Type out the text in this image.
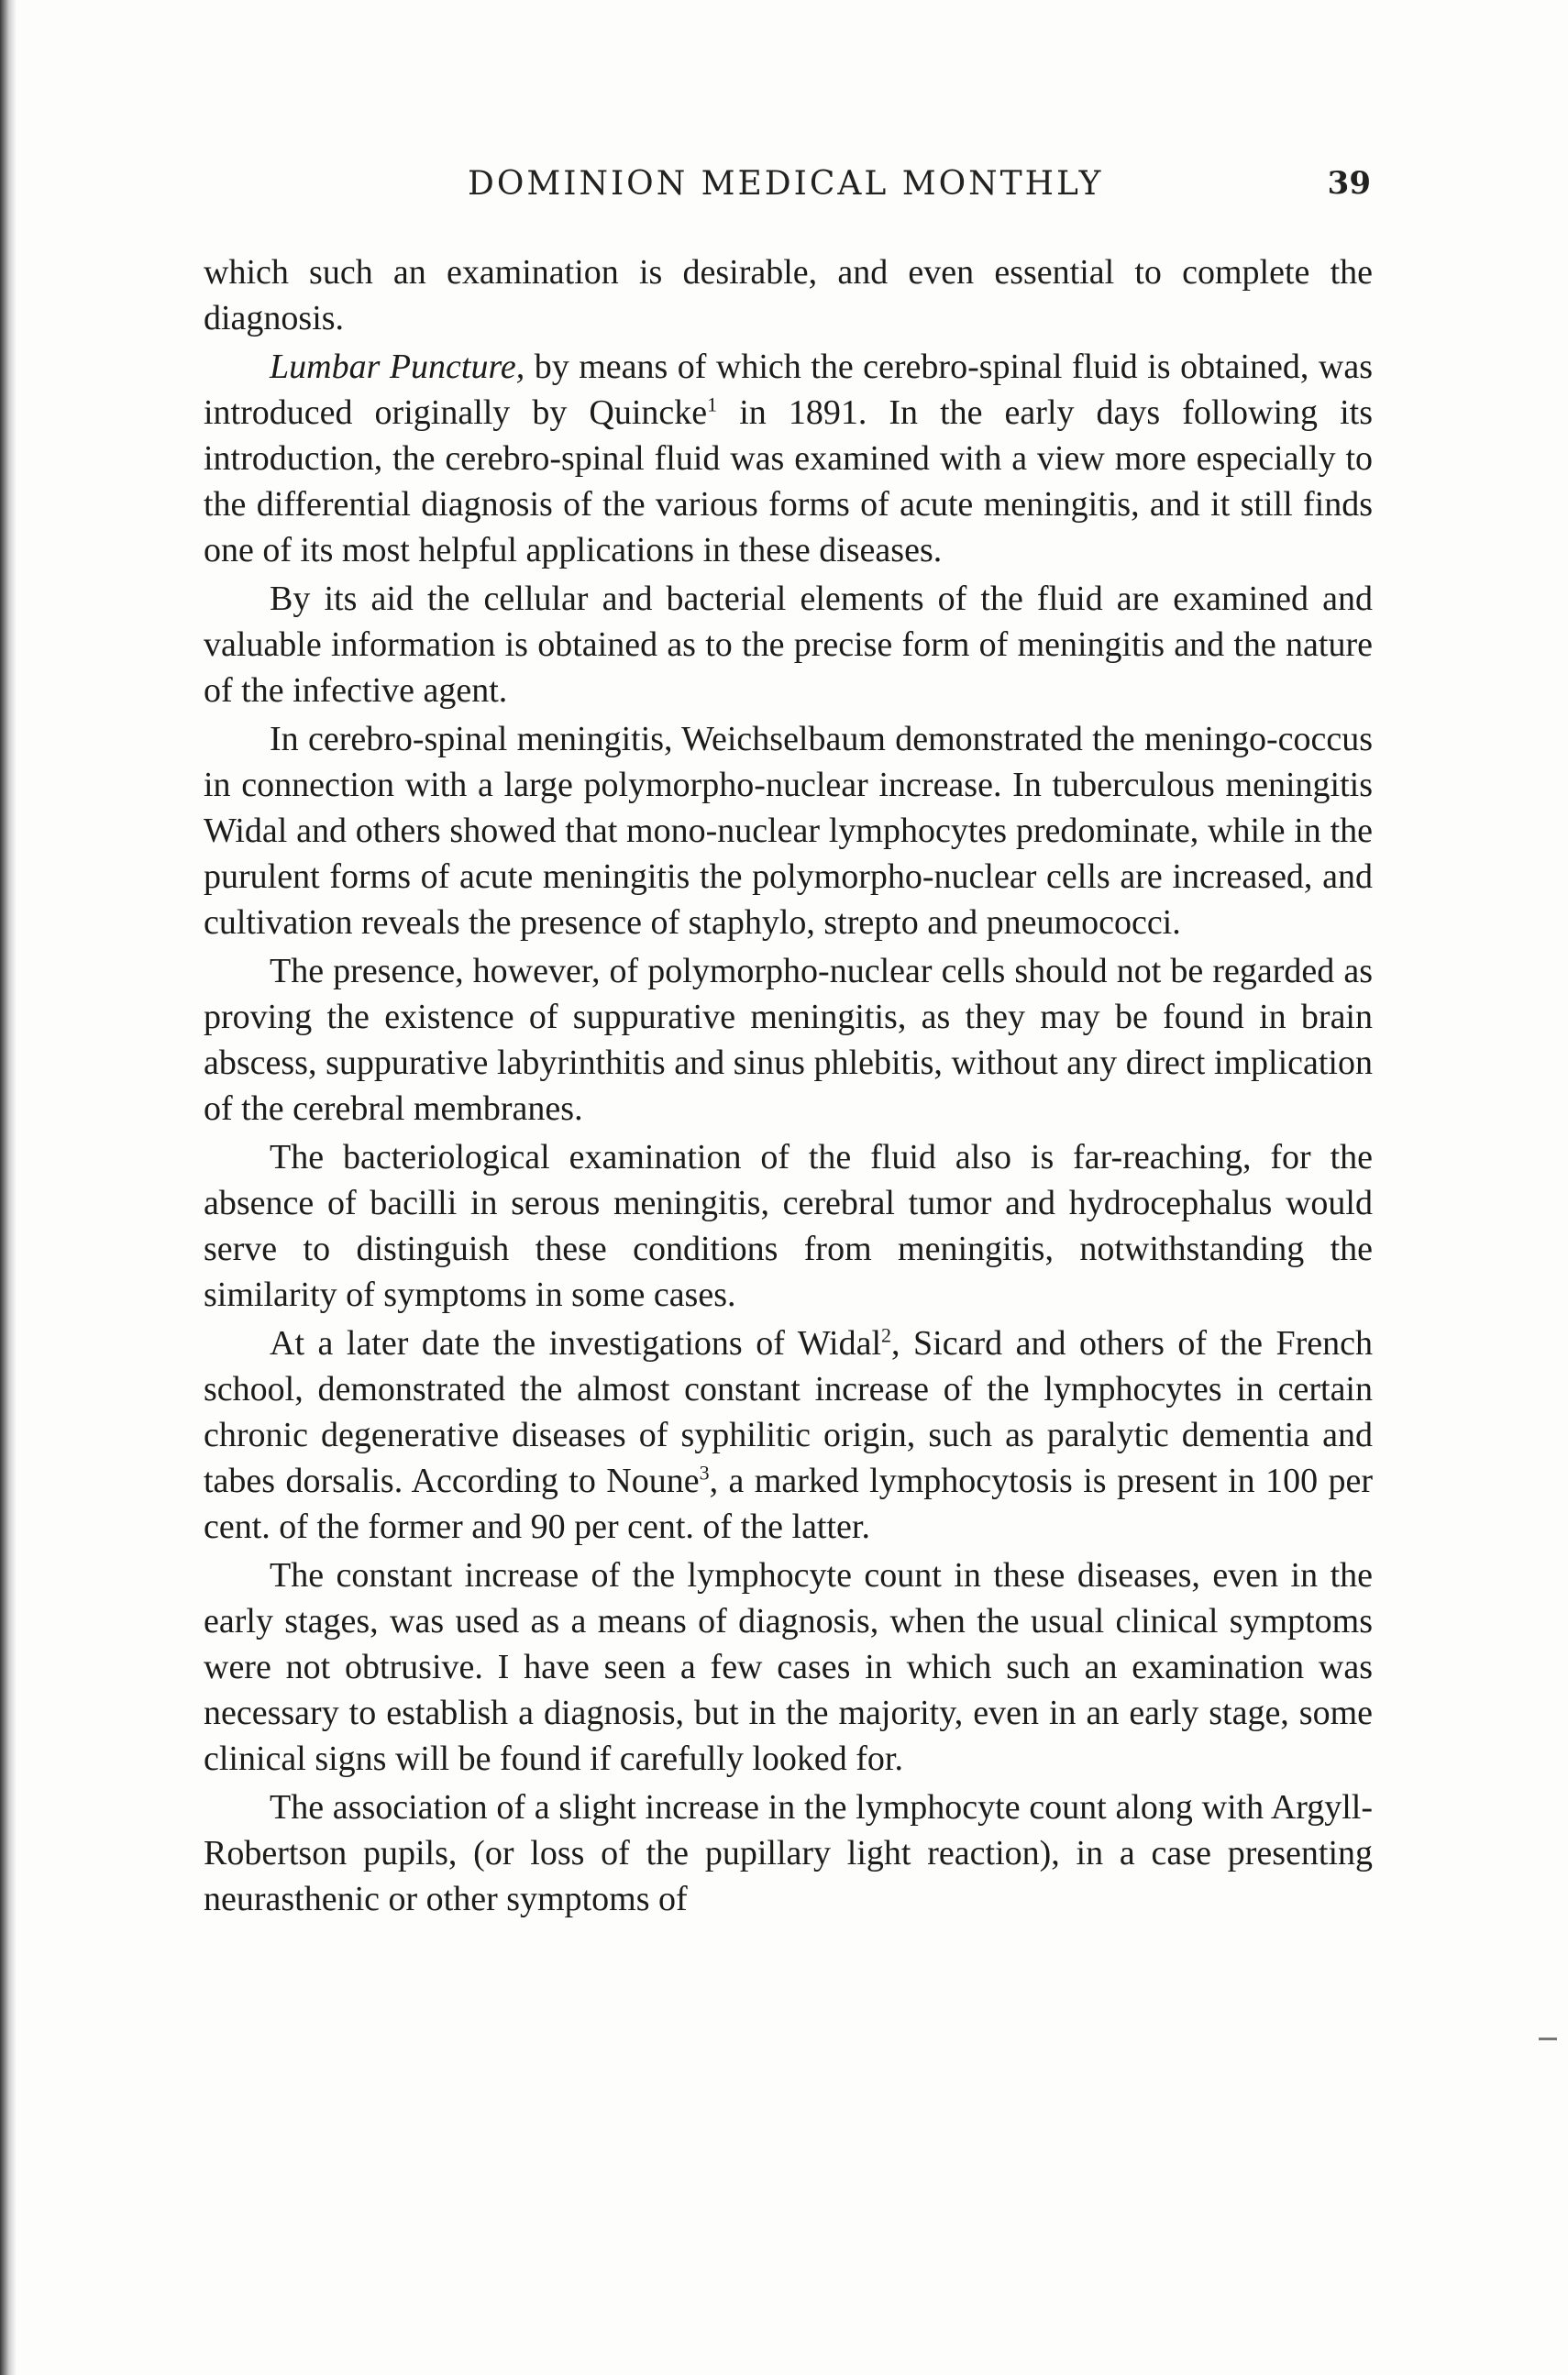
DOMINION MEDICAL MONTHLY	39

which such an examination is desirable, and even essential to complete the diagnosis.

Lumbar Puncture, by means of which the cerebro-spinal fluid is obtained, was introduced originally by Quincke$^1$ in 1891. In the early days following its introduction, the cerebro-spinal fluid was examined with a view more especially to the differential diagnosis of the various forms of acute meningitis, and it still finds one of its most helpful applications in these diseases.

By its aid the cellular and bacterial elements of the fluid are examined and valuable information is obtained as to the precise form of meningitis and the nature of the infective agent.

In cerebro-spinal meningitis, Weichselbaum demonstrated the meningo-coccus in connection with a large polymorpho-nuclear increase. In tuberculous meningitis Widal and others showed that mono-nuclear lymphocytes predominate, while in the purulent forms of acute meningitis the polymorpho-nuclear cells are increased, and cultivation reveals the presence of staphylo, strepto and pneumococci.

The presence, however, of polymorpho-nuclear cells should not be regarded as proving the existence of suppurative meningitis, as they may be found in brain abscess, suppurative labyrinthitis and sinus phlebitis, without any direct implication of the cerebral membranes.

The bacteriological examination of the fluid also is far-reaching, for the absence of bacilli in serous meningitis, cerebral tumor and hydrocephalus would serve to distinguish these conditions from meningitis, notwithstanding the similarity of symptoms in some cases.

At a later date the investigations of Widal$^2$, Sicard and others of the French school, demonstrated the almost constant increase of the lymphocytes in certain chronic degenerative diseases of syphilitic origin, such as paralytic dementia and tabes dorsalis. According to Noune$^3$, a marked lymphocytosis is present in 100 per cent. of the former and 90 per cent. of the latter.

The constant increase of the lymphocyte count in these diseases, even in the early stages, was used as a means of diagnosis, when the usual clinical symptoms were not obtrusive. I have seen a few cases in which such an examination was necessary to establish a diagnosis, but in the majority, even in an early stage, some clinical signs will be found if carefully looked for.

The association of a slight increase in the lymphocyte count along with Argyll-Robertson pupils, (or loss of the pupillary light reaction), in a case presenting neurasthenic or other symptoms of
